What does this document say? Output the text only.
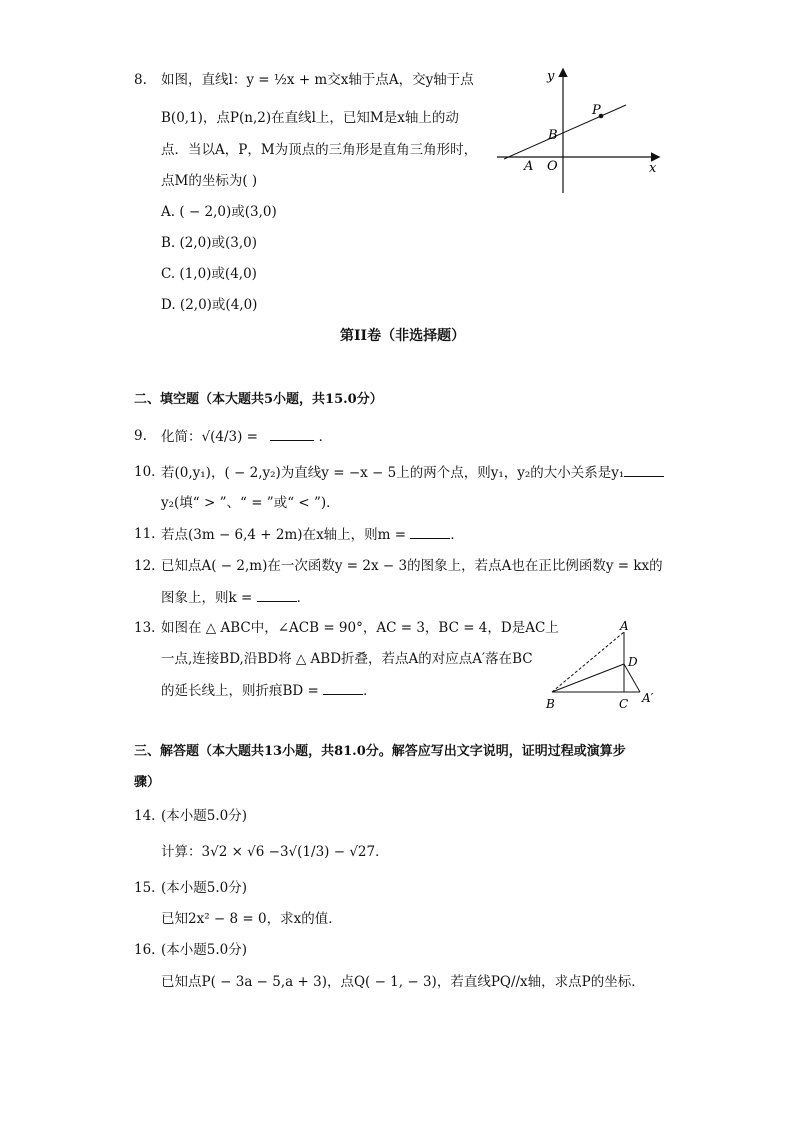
8. 如图，直线l：y = ½x + m交x轴于点A，交y轴于点
B(0,1)，点P(n,2)在直线l上，已知M是x轴上的动
点．当以A，P，M为顶点的三角形是直角三角形时，
点M的坐标为( )
A. ( − 2,0)或(3,0)
B. (2,0)或(3,0)
C. (1,0)或(4,0)
D. (2,0)或(4,0)
y
x
P
B
A O
第II卷（非选择题）
二、填空题（本大题共5小题，共15.0分）
9. 化简：√(4/3) =	．
10. 若(0,y₁)，( − 2,y₂)为直线y = −x − 5上的两个点，则y₁，y₂的大小关系是y₁
y₂(填“ > ”、“ = ”或“ < ”)．
11. 若点(3m − 6,4 + 2m)在x轴上，则m =	．
12. 已知点A( − 2,m)在一次函数y = 2x − 3的图象上，若点A也在正比例函数y = kx的
图象上，则k =	．
13. 如图在 △ ABC中，∠ACB = 90°，AC = 3，BC = 4，D是AC上
一点,连接BD,沿BD将 △ ABD折叠，若点A的对应点A′落在BC
的延长线上，则折痕BD =	．
A
D
B	C A′
三、解答题（本大题共13小题，共81.0分。解答应写出文字说明，证明过程或演算步
骤）
14. (本小题5.0分)
计算：3√2 × √6 −3√(1/3) − √27．
15. (本小题5.0分)
已知2x² − 8 = 0，求x的值．
16. (本小题5.0分)
已知点P( − 3a − 5,a + 3)，点Q( − 1, − 3)，若直线PQ//x轴，求点P的坐标．
